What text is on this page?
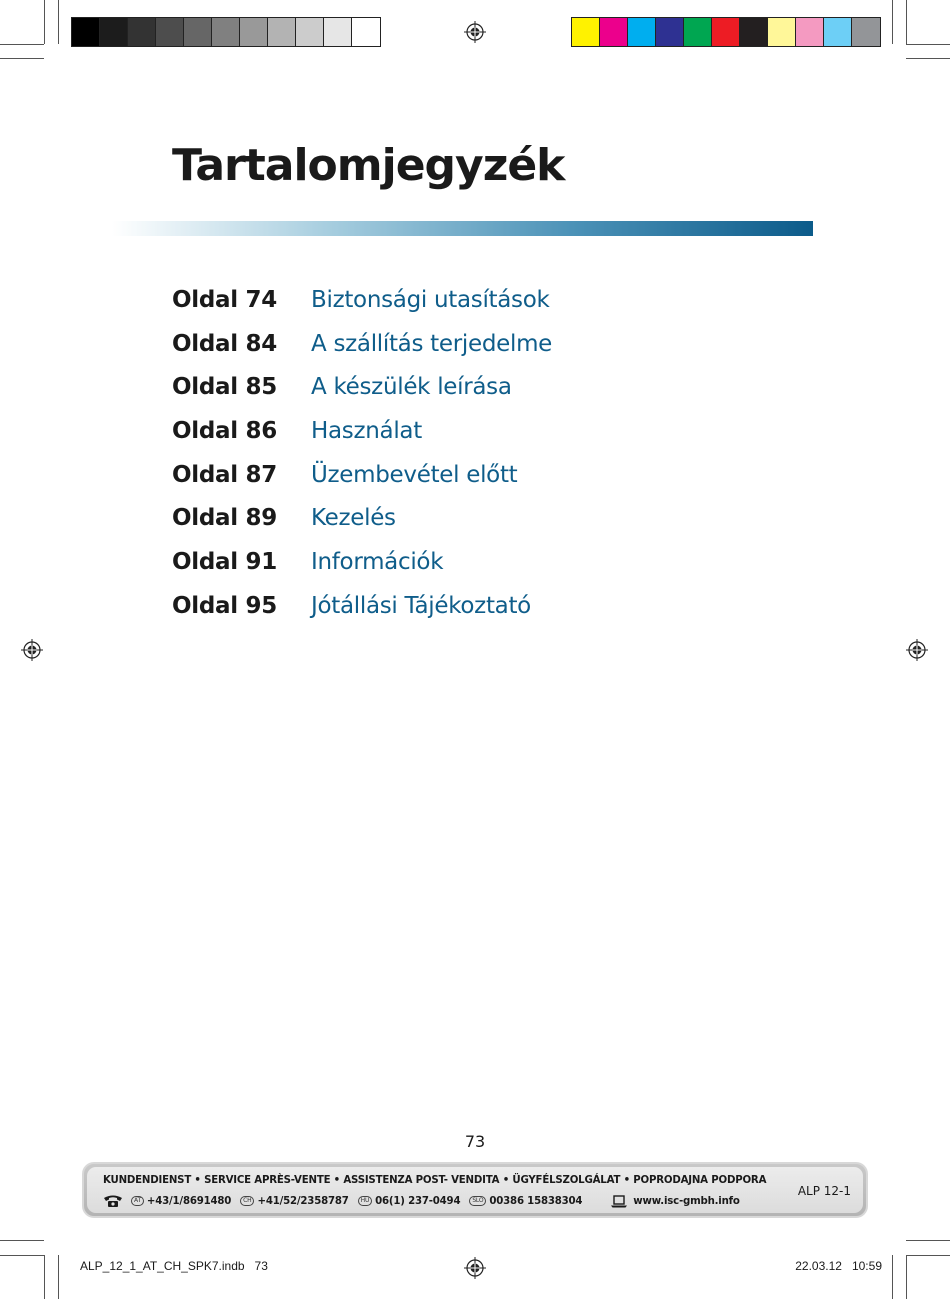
Tartalomjegyzék
Oldal 74	Biztonsági utasítások
Oldal 84	A szállítás terjedelme
Oldal 85	A készülék leírása
Oldal 86	Használat
Oldal 87	Üzembevétel előtt
Oldal 89	Kezelés
Oldal 91	Információk
Oldal 95	Jótállási Tájékoztató
73
KUNDENDIENST • SERVICE APRÈS-VENTE • ASSISTENZA POST- VENDITA • ÜGYFÉLSZOLGÁLAT • POPRODAJNA PODPORA
AT +43/1/8691480	CH +41/52/2358787	HU 06(1) 237-0494	SLO 00386 15838304	www.isc-gmbh.info
ALP 12-1
ALP_12_1_AT_CH_SPK7.indb   73	22.03.12   10:59
